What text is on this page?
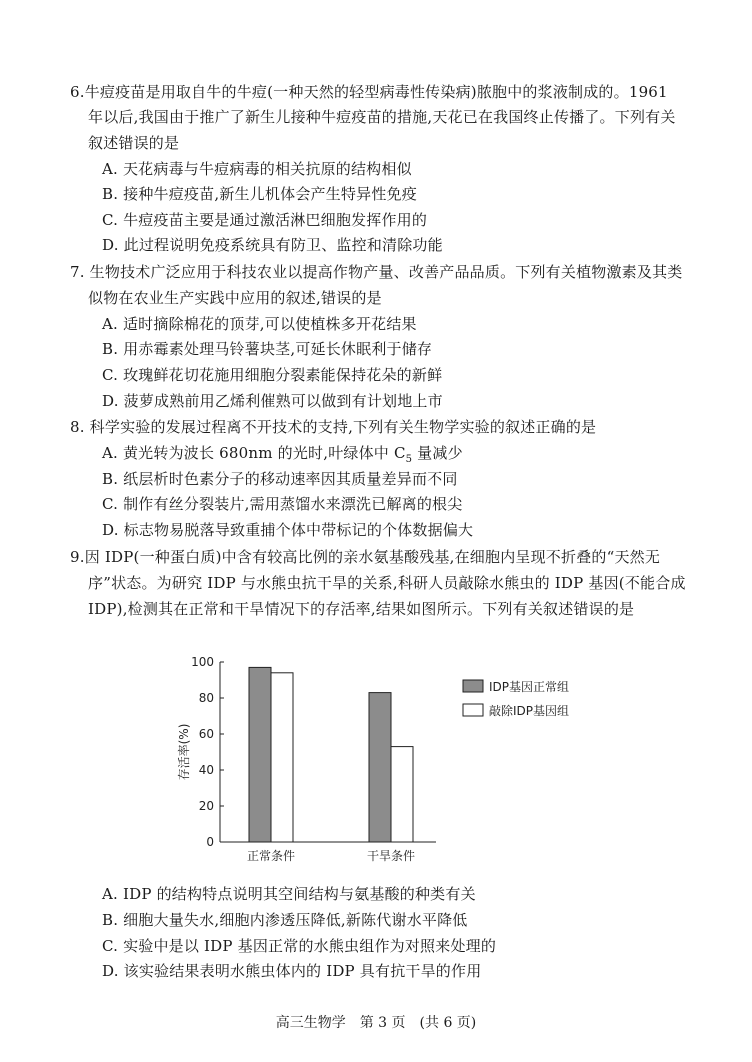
6.牛痘疫苗是用取自牛的牛痘(一种天然的轻型病毒性传染病)脓胞中的浆液制成的。1961
年以后,我国由于推广了新生儿接种牛痘疫苗的措施,天花已在我国终止传播了。下列有关
叙述错误的是
A. 天花病毒与牛痘病毒的相关抗原的结构相似
B. 接种牛痘疫苗,新生儿机体会产生特异性免疫
C. 牛痘疫苗主要是通过激活淋巴细胞发挥作用的
D. 此过程说明免疫系统具有防卫、监控和清除功能
7. 生物技术广泛应用于科技农业以提高作物产量、改善产品品质。下列有关植物激素及其类
似物在农业生产实践中应用的叙述,错误的是
A. 适时摘除棉花的顶芽,可以使植株多开花结果
B. 用赤霉素处理马铃薯块茎,可延长休眠利于储存
C. 玫瑰鲜花切花施用细胞分裂素能保持花朵的新鲜
D. 菠萝成熟前用乙烯利催熟可以做到有计划地上市
8. 科学实验的发展过程离不开技术的支持,下列有关生物学实验的叙述正确的是
A. 黄光转为波长 680nm 的光时,叶绿体中 $C_5$ 量减少
B. 纸层析时色素分子的移动速率因其质量差异而不同
C. 制作有丝分裂装片,需用蒸馏水来漂洗已解离的根尖
D. 标志物易脱落导致重捕个体中带标记的个体数据偏大
9.因 IDP(一种蛋白质)中含有较高比例的亲水氨基酸残基,在细胞内呈现不折叠的“天然无
序”状态。为研究 IDP 与水熊虫抗干旱的关系,科研人员敲除水熊虫的 IDP 基因(不能合成
IDP),检测其在正常和干旱情况下的存活率,结果如图所示。下列有关叙述错误的是
0
20
40
60
80
100
存活率(%)
正常条件	干旱条件
IDP基因正常组
敲除IDP基因组
A. IDP 的结构特点说明其空间结构与氨基酸的种类有关
B. 细胞大量失水,细胞内渗透压降低,新陈代谢水平降低
C. 实验中是以 IDP 基因正常的水熊虫组作为对照来处理的
D. 该实验结果表明水熊虫体内的 IDP 具有抗干旱的作用
高三生物学　第 3 页　(共 6 页)
